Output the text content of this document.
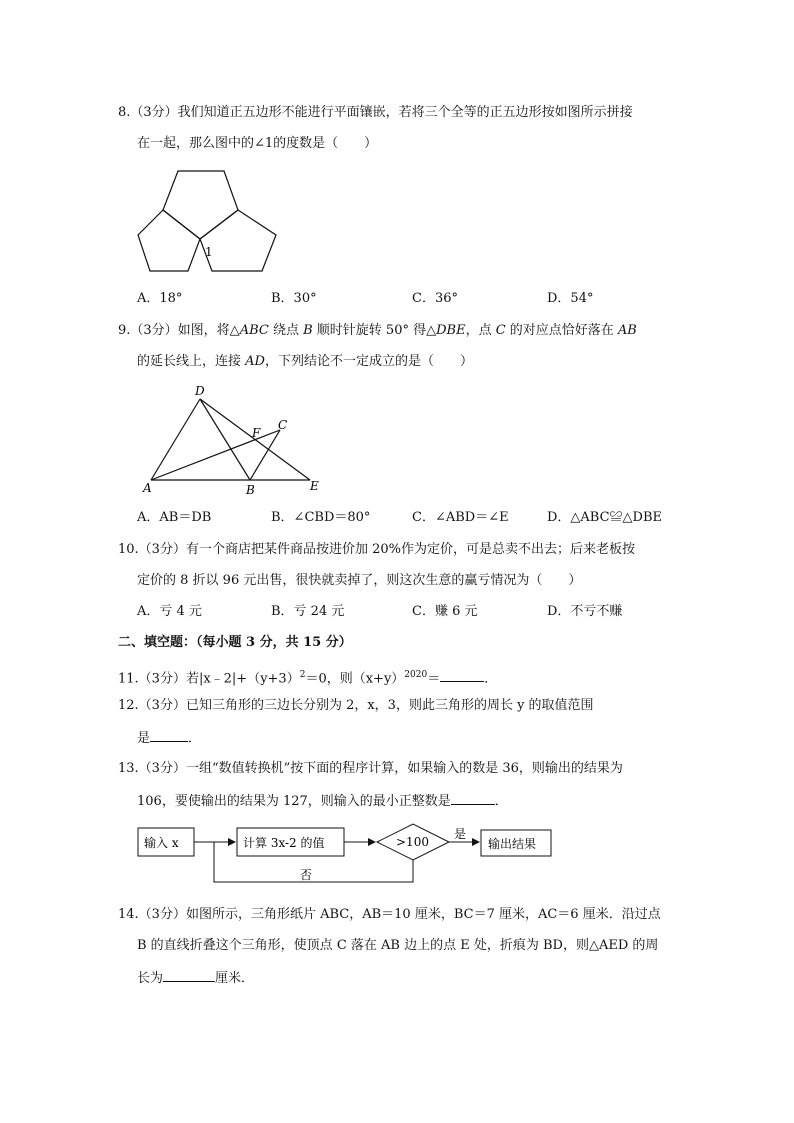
8.（3分）我们知道正五边形不能进行平面镶嵌，若将三个全等的正五边形按如图所示拼接
在一起，那么图中的∠1的度数是（　　）
1
A．18°	B．30°	C．36°	D．54°
9.（3分）如图，将△ABC 绕点 B 顺时针旋转 50° 得△DBE，点 C 的对应点恰好落在 AB
的延长线上，连接 AD，下列结论不一定成立的是（　　）
D
F
C
A	B	E
A．AB＝DB	B．∠CBD＝80°	C．∠ABD＝∠E	D．△ABC≌△DBE
10.（3分）有一个商店把某件商品按进价加 20%作为定价，可是总卖不出去；后来老板按
定价的 8 折以 96 元出售，很快就卖掉了，则这次生意的赢亏情况为（　　）
A．亏 4 元	B．亏 24 元	C．赚 6 元	D．不亏不赚
二、填空题：（每小题 3 分，共 15 分）
11.（3分）若$|x﹣2|+(y+3)^2=0$，则$(x+y)^{2020}=$	．
12.（3分）已知三角形的三边长分别为 2，x，3，则此三角形的周长 y 的取值范围
是	．
13.（3分）一组“数值转换机”按下面的程序计算，如果输入的数是 36，则输出的结果为
106，要使输出的结果为 127，则输入的最小正整数是	．
输入 x	计算 3x-2 的值	>100
是
输出结果
否
14.（3分）如图所示，三角形纸片 ABC，AB＝10 厘米，BC＝7 厘米，AC＝6 厘米．沿过点
B 的直线折叠这个三角形，使顶点 C 落在 AB 边上的点 E 处，折痕为 BD，则△AED 的周
长为	厘米．
